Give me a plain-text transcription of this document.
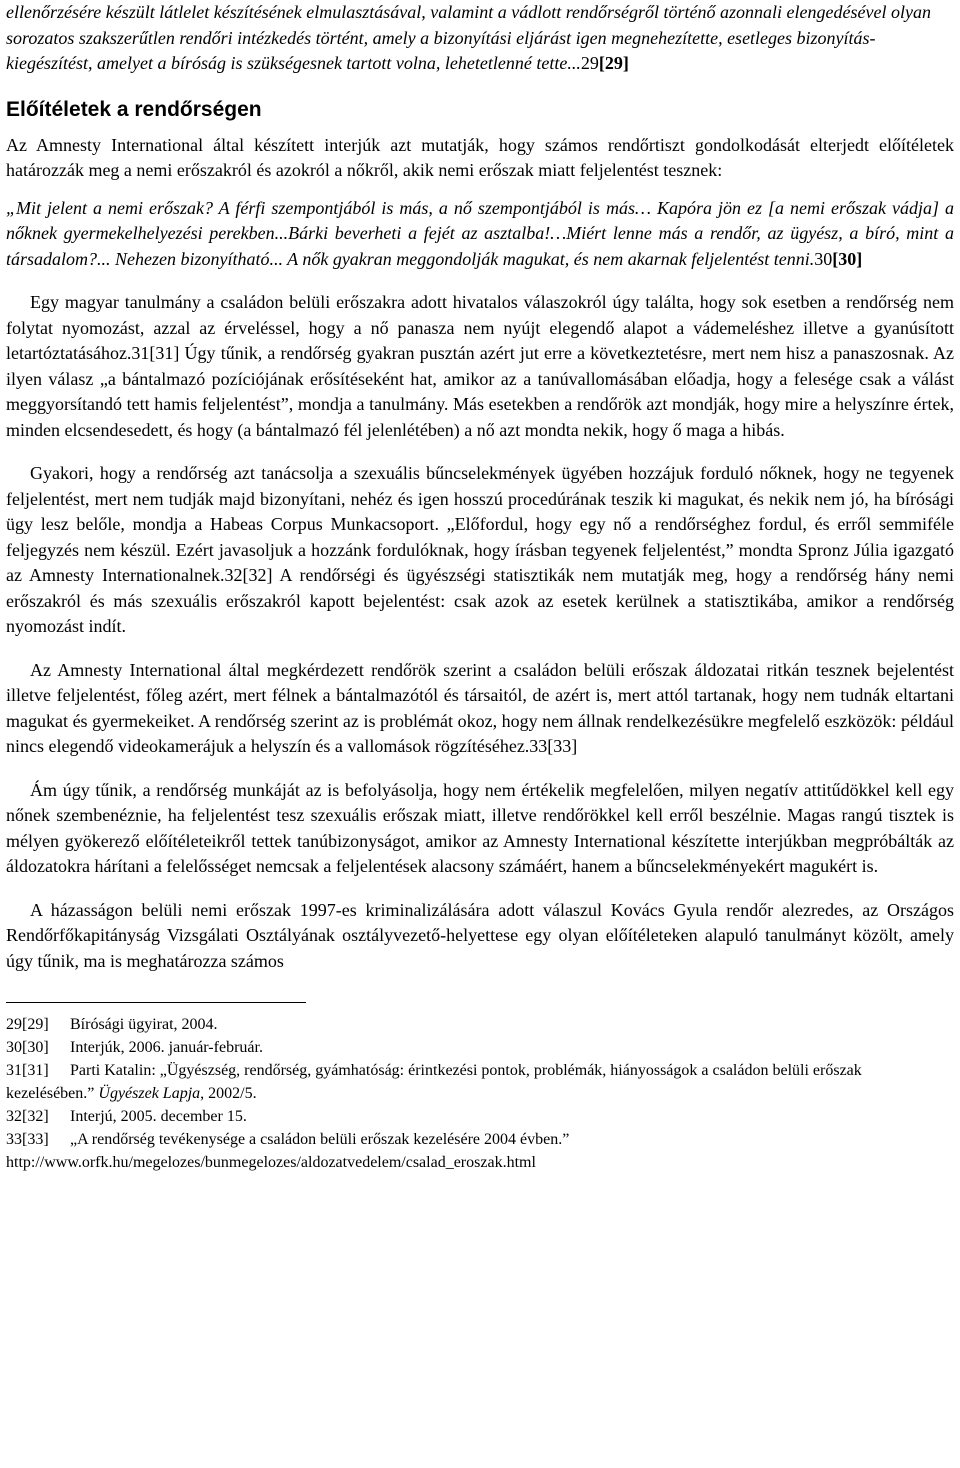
ellenőrzésére készült látlelet készítésének elmulasztásával, valamint a vádlott rendőrségről történő azonnali elengedésével olyan sorozatos szakszerűtlen rendőri intézkedés történt, amely a bizonyítási eljárást igen megnehezítette, esetleges bizonyítás-kiegészítést, amelyet a bíróság is szükségesnek tartott volna, lehetetlenné tette...29[29]

Előítéletek a rendőrségen

Az Amnesty International által készített interjúk azt mutatják, hogy számos rendőrtiszt gondolkodását elterjedt előítéletek határozzák meg a nemi erőszakról és azokról a nőkről, akik nemi erőszak miatt feljelentést tesznek:

„Mit jelent a nemi erőszak? A férfi szempontjából is más, a nő szempontjából is más… Kapóra jön ez [a nemi erőszak vádja] a nőknek gyermekelhelyezési perekben...Bárki beverheti a fejét az asztalba!…Miért lenne más a rendőr, az ügyész, a bíró, mint a társadalom?... Nehezen bizonyítható... A nők gyakran meggondolják magukat, és nem akarnak feljelentést tenni.30[30]

Egy magyar tanulmány a családon belüli erőszakra adott hivatalos válaszokról úgy találta, hogy sok esetben a rendőrség nem folytat nyomozást, azzal az érveléssel, hogy a nő panasza nem nyújt elegendő alapot a vádemeléshez illetve a gyanúsított letartóztatásához.31[31] Úgy tűnik, a rendőrség gyakran pusztán azért jut erre a következtetésre, mert nem hisz a panaszosnak. Az ilyen válasz „a bántalmazó pozíciójának erősítéseként hat, amikor az a tanúvallomásában előadja, hogy a felesége csak a válást meggyorsítandó tett hamis feljelentést”, mondja a tanulmány. Más esetekben a rendőrök azt mondják, hogy mire a helyszínre értek, minden elcsendesedett, és hogy (a bántalmazó fél jelenlétében) a nő azt mondta nekik, hogy ő maga a hibás.

Gyakori, hogy a rendőrség azt tanácsolja a szexuális bűncselekmények ügyében hozzájuk forduló nőknek, hogy ne tegyenek feljelentést, mert nem tudják majd bizonyítani, nehéz és igen hosszú procedúrának teszik ki magukat, és nekik nem jó, ha bírósági ügy lesz belőle, mondja a Habeas Corpus Munkacsoport. „Előfordul, hogy egy nő a rendőrséghez fordul, és erről semmiféle feljegyzés nem készül. Ezért javasoljuk a hozzánk fordulóknak, hogy írásban tegyenek feljelentést,” mondta Spronz Júlia igazgató az Amnesty Internationalnek.32[32] A rendőrségi és ügyészségi statisztikák nem mutatják meg, hogy a rendőrség hány nemi erőszakról és más szexuális erőszakról kapott bejelentést: csak azok az esetek kerülnek a statisztikába, amikor a rendőrség nyomozást indít.

Az Amnesty International által megkérdezett rendőrök szerint a családon belüli erőszak áldozatai ritkán tesznek bejelentést illetve feljelentést, főleg azért, mert félnek a bántalmazótól és társaitól, de azért is, mert attól tartanak, hogy nem tudnák eltartani magukat és gyermekeiket. A rendőrség szerint az is problémát okoz, hogy nem állnak rendelkezésükre megfelelő eszközök: például nincs elegendő videokamerájuk a helyszín és a vallomások rögzítéséhez.33[33]

Ám úgy tűnik, a rendőrség munkáját az is befolyásolja, hogy nem értékelik megfelelően, milyen negatív attitűdökkel kell egy nőnek szembenéznie, ha feljelentést tesz szexuális erőszak miatt, illetve rendőrökkel kell erről beszélnie. Magas rangú tisztek is mélyen gyökerező előítéleteikről tettek tanúbizonyságot, amikor az Amnesty International készítette interjúkban megpróbálták az áldozatokra hárítani a felelősséget nemcsak a feljelentések alacsony számáért, hanem a bűncselekményekért magukért is.

A házasságon belüli nemi erőszak 1997-es kriminalizálására adott válaszul Kovács Gyula rendőr alezredes, az Országos Rendőrfőkapitányság Vizsgálati Osztályának osztályvezető-helyettese egy olyan előítéleteken alapuló tanulmányt közölt, amely úgy tűnik, ma is meghatározza számos

29[29] Bírósági ügyirat, 2004.

30[30] Interjúk, 2006. január-február.

31[31] Parti Katalin: „Ügyészség, rendőrség, gyámhatóság: érintkezési pontok, problémák, hiányosságok a családon belüli erőszak kezelésében.” Ügyészek Lapja, 2002/5.

32[32] Interjú, 2005. december 15.

33[33] „A rendőrség tevékenysége a családon belüli erőszak kezelésére 2004 évben.”

http://www.orfk.hu/megelozes/bunmegelozes/aldozatvedelem/csalad_eroszak.html
